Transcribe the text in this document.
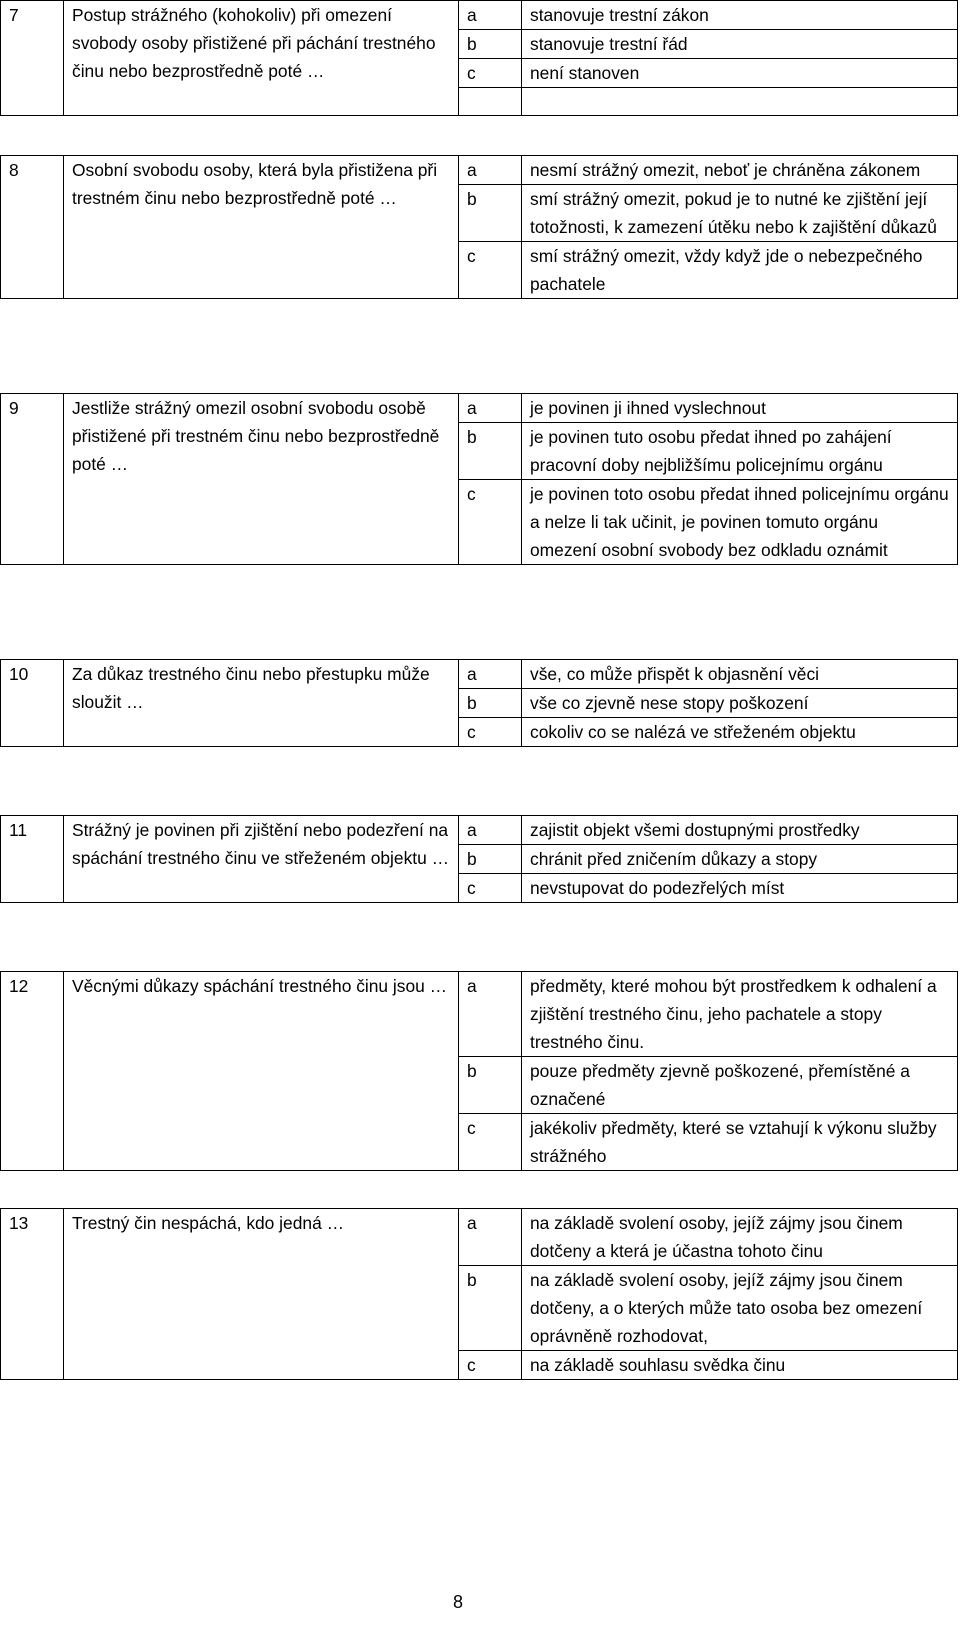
7	Postup strážného (kohokoliv) při omezení svobody osoby přistižené při páchání trestného činu nebo bezprostředně poté …	a	stanovuje trestní zákon
		b	stanovuje trestní řád
		c	není stanoven

8	Osobní svobodu osoby, která byla přistižena při trestném činu nebo bezprostředně poté …	a	nesmí strážný omezit, neboť je chráněna zákonem
		b	smí strážný omezit, pokud je to nutné ke zjištění její totožnosti, k zamezení útěku nebo k zajištění důkazů
		c	smí strážný omezit, vždy když jde o nebezpečného pachatele
9	Jestliže strážný omezil osobní svobodu osobě přistižené při trestném činu nebo bezprostředně poté …	a	je povinen ji ihned vyslechnout
		b	je povinen tuto osobu předat ihned po zahájení pracovní doby nejbližšímu policejnímu orgánu
		c	je povinen toto osobu předat ihned policejnímu orgánu a nelze li tak učinit, je povinen tomuto orgánu omezení osobní svobody bez odkladu oznámit
10	Za důkaz trestného činu nebo přestupku může sloužit …	a	vše, co může přispět k objasnění věci
		b	vše co zjevně nese stopy poškození
		c	cokoliv co se nalézá ve střeženém objektu
11	Strážný je povinen při zjištění nebo podezření na spáchání trestného činu ve střeženém objektu …	a	zajistit objekt všemi dostupnými prostředky
		b	chránit před zničením důkazy a stopy
		c	nevstupovat do podezřelých míst
12	Věcnými důkazy spáchání trestného činu jsou …	a	předměty, které mohou být prostředkem k odhalení a zjištění trestného činu, jeho pachatele a stopy trestného činu.
		b	pouze předměty zjevně poškozené, přemístěné a označené
		c	jakékoliv předměty, které se vztahují k výkonu služby strážného
13	Trestný čin nespáchá, kdo jedná …	a	na základě svolení osoby, jejíž zájmy jsou činem dotčeny a která je účastna tohoto činu
		b	na základě svolení osoby, jejíž zájmy jsou činem dotčeny, a o kterých může tato osoba bez omezení oprávněně rozhodovat,
		c	na základě souhlasu svědka činu
8
